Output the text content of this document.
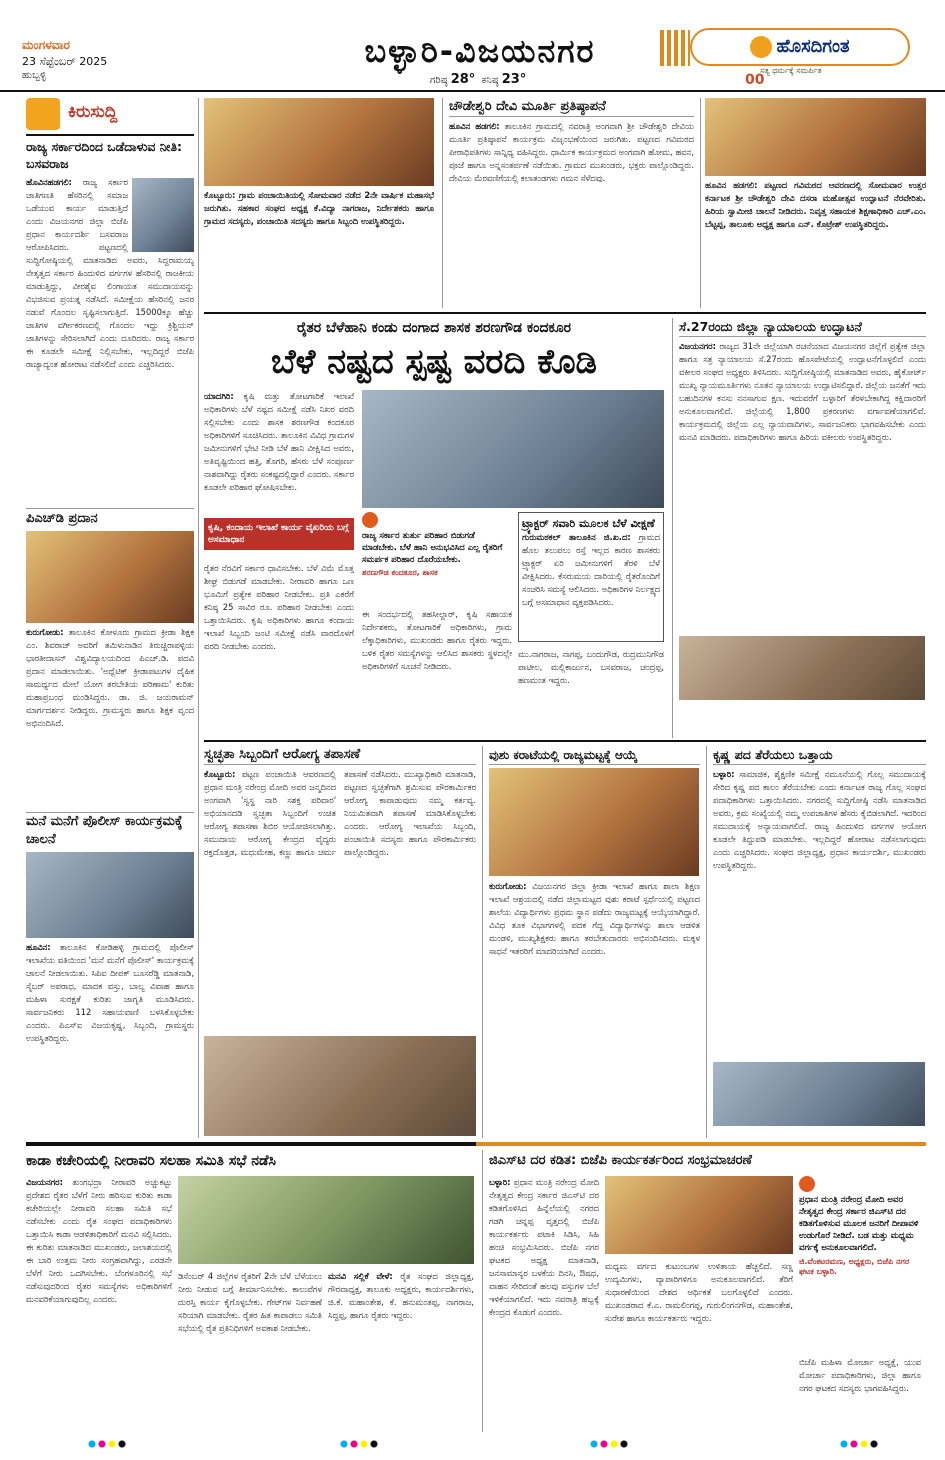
ಮಂಗಳವಾರ
23 ಸೆಪ್ಟೆಂಬರ್ 2025
ಹುಬ್ಬಳ್ಳಿ
ಬಳ್ಳಾರಿ-ವಿಜಯನಗರ
ಗರಿಷ್ಠ 28° ಕನಿಷ್ಠ 23°
ಹೊಸದಿಗಂತ
ಸತ್ಯ ಧರ್ಮಕ್ಕೆ ಸಮರ್ಪಿತ
00
ಕಿರುಸುದ್ದಿ
ರಾಜ್ಯ ಸರ್ಕಾರದಿಂದ ಒಡೆದಾಳುವ ನೀತಿ: ಬಸವರಾಜ
ಹೊವಿನಹಡಗಲಿ: ರಾಜ್ಯ ಸರ್ಕಾರ ಜಾತಿಗಣತಿ ಹೆಸರಿನಲ್ಲಿ ಸಮಾಜ ಒಡೆಯುವ ಕಾರ್ಯ ಮಾಡುತ್ತಿದೆ ಎಂದು ವಿಜಯನಗರ ಜಿಲ್ಲಾ ಬಿಜೆಪಿ ಪ್ರಧಾನ ಕಾರ್ಯದರ್ಶಿ ಬಸವರಾಜ ಆರೋಪಿಸಿದರು. ಪಟ್ಟಣದಲ್ಲಿ ಸುದ್ದಿಗೋಷ್ಠಿಯಲ್ಲಿ ಮಾತನಾಡಿದ ಅವರು, ಸಿದ್ದರಾಮಯ್ಯ ನೇತೃತ್ವದ ಸರ್ಕಾರ ಹಿಂದುಳಿದ ವರ್ಗಗಳ ಹೆಸರಿನಲ್ಲಿ ರಾಜಕೀಯ ಮಾಡುತ್ತಿದ್ದು, ವೀರಶೈವ ಲಿಂಗಾಯತ ಸಮುದಾಯವನ್ನು ವಿಭಜಿಸುವ ಪ್ರಯತ್ನ ನಡೆಸಿದೆ. ಸಮೀಕ್ಷೆಯ ಹೆಸರಿನಲ್ಲಿ ಜನರ ನಡುವೆ ಗೊಂದಲ ಸೃಷ್ಟಿಸಲಾಗುತ್ತಿದೆ. 15000ಕ್ಕೂ ಹೆಚ್ಚು ಜಾತಿಗಳ ವರ್ಗೀಕರಣದಲ್ಲಿ ಗೊಂದಲ ಇದ್ದು ಕ್ರಿಶ್ಚಿಯನ್ ಜಾತಿಗಳನ್ನು ಸೇರಿಸಲಾಗಿದೆ ಎಂದು ದೂರಿದರು. ರಾಜ್ಯ ಸರ್ಕಾರ ಈ ಕೂಡಲೇ ಸಮೀಕ್ಷೆ ನಿಲ್ಲಿಸಬೇಕು, ಇಲ್ಲದಿದ್ದರೆ ಬಿಜೆಪಿ ರಾಜ್ಯಾದ್ಯಂತ ಹೋರಾಟ ನಡೆಸಲಿದೆ ಎಂದು ಎಚ್ಚರಿಸಿದರು.
ಪಿಎಚ್‌ಡಿ ಪ್ರದಾನ
ಕುರುಗೋಡು: ತಾಲೂಕಿನ ಕೋಳೂರು ಗ್ರಾಮದ ಕ್ರೀಡಾ ಶಿಕ್ಷಕ ಎಂ. ಶಿವರಾಜ್ ಅವರಿಗೆ ತಮಿಳುನಾಡಿನ ತಿರುಚ್ಚಿರಾಪಳ್ಳಿಯ ಭಾರತೀದಾಸನ್ ವಿಶ್ವವಿದ್ಯಾಲಯದಿಂದ ಪಿಎಚ್.ಡಿ. ಪದವಿ ಪ್ರದಾನ ಮಾಡಲಾಯಿತು. 'ಅಥ್ಲೆಟಿಕ್ ಕ್ರೀಡಾಪಟುಗಳ ದೈಹಿಕ ಸಾಮರ್ಥ್ಯದ ಮೇಲೆ ಯೋಗ ತರಬೇತಿಯ ಪರಿಣಾಮ' ಕುರಿತು ಮಹಾಪ್ರಬಂಧ ಮಂಡಿಸಿದ್ದರು. ಡಾ. ಜಿ. ಜಯರಾಮನ್ ಮಾರ್ಗದರ್ಶನ ನೀಡಿದ್ದರು. ಗ್ರಾಮಸ್ಥರು ಹಾಗೂ ಶಿಕ್ಷಕ ವೃಂದ ಅಭಿನಂದಿಸಿದೆ.
ಮನೆ ಮನೆಗೆ ಪೊಲೀಸ್ ಕಾರ್ಯಕ್ರಮಕ್ಕೆ ಚಾಲನೆ
ಹೂವಿನ: ತಾಲೂಕಿನ ಕೋಡಿಹಳ್ಳಿ ಗ್ರಾಮದಲ್ಲಿ ಪೊಲೀಸ್ ಇಲಾಖೆಯ ವತಿಯಿಂದ 'ಮನೆ ಮನೆಗೆ ಪೊಲೀಸ್' ಕಾರ್ಯಕ್ರಮಕ್ಕೆ ಚಾಲನೆ ನೀಡಲಾಯಿತು. ಸಿಪಿಐ ದೀಪಕ್ ಬೂಸರೆಡ್ಡಿ ಮಾತನಾಡಿ, ಸೈಬರ್ ಅಪರಾಧ, ಮಾದಕ ವಸ್ತು, ಬಾಲ್ಯ ವಿವಾಹ ಹಾಗೂ ಮಹಿಳಾ ಸುರಕ್ಷತೆ ಕುರಿತು ಜಾಗೃತಿ ಮೂಡಿಸಿದರು. ಸಾರ್ವಜನಿಕರು 112 ಸಹಾಯವಾಣಿ ಬಳಸಿಕೊಳ್ಳಬೇಕು ಎಂದರು. ಪಿಎಸ್‌ಐ ವಿಜಯಕೃಷ್ಣ, ಸಿಬ್ಬಂದಿ, ಗ್ರಾಮಸ್ಥರು ಉಪಸ್ಥಿತರಿದ್ದರು.
ಕೊಟ್ಟೂರು: ಗ್ರಾಮ ಪಂಚಾಯಿತಿಯಲ್ಲಿ ಸೋಮವಾರ ನಡೆದ 2ನೇ ವಾರ್ಷಿಕ ಮಹಾಸಭೆ ಜರುಗಿತು. ಸಹಕಾರ ಸಂಘದ ಅಧ್ಯಕ್ಷ ಕೆ.ವಿದ್ಯಾ ನಾಗರಾಜ, ನಿರ್ದೇಶಕರು ಹಾಗೂ ಗ್ರಾಮದ ಸದಸ್ಯರು, ಪಂಚಾಯಿತಿ ಸದಸ್ಯರು ಹಾಗೂ ಸಿಬ್ಬಂದಿ ಉಪಸ್ಥಿತರಿದ್ದರು.
ಚೌಡೇಶ್ವರಿ ದೇವಿ ಮೂರ್ತಿ ಪ್ರತಿಷ್ಠಾಪನೆ
ಹೂವಿನ ಹಡಗಲಿ: ತಾಲೂಕಿನ ಗ್ರಾಮದಲ್ಲಿ ನವರಾತ್ರಿ ಅಂಗವಾಗಿ ಶ್ರೀ ಚೌಡೇಶ್ವರಿ ದೇವಿಯ ಮೂರ್ತಿ ಪ್ರತಿಷ್ಠಾಪನೆ ಕಾರ್ಯಕ್ರಮ ವಿಜೃಂಭಣೆಯಿಂದ ಜರುಗಿತು. ಪಟ್ಟಣದ ಗವಿಮಠದ ಪೀಠಾಧಿಪತಿಗಳು ಸಾನ್ನಿಧ್ಯ ವಹಿಸಿದ್ದರು. ಧಾರ್ಮಿಕ ಕಾರ್ಯಕ್ರಮದ ಅಂಗವಾಗಿ ಹೋಮ, ಹವನ, ಪೂಜೆ ಹಾಗೂ ಅನ್ನಸಂತರ್ಪಣೆ ನಡೆಯಿತು. ಗ್ರಾಮದ ಮುಖಂಡರು, ಭಕ್ತರು ಪಾಲ್ಗೊಂಡಿದ್ದರು. ದೇವಿಯ ಮೆರವಣಿಗೆಯಲ್ಲಿ ಕಲಾತಂಡಗಳು ಗಮನ ಸೆಳೆದವು.
ಹೂವಿನ ಹಡಗಲಿ: ಪಟ್ಟಣದ ಗವಿಮಠದ ಆವರಣದಲ್ಲಿ ಸೋಮವಾರ ಉತ್ತರ ಕರ್ನಾಟಕ ಶ್ರೀ ಚೌಡೇಶ್ವರಿ ದೇವಿ ದಸರಾ ಮಹೋತ್ಸವ ಉದ್ಘಾಟನೆ ನೆರವೇರಿತು. ಹಿರಿಯ ಸ್ವಾಮೀಜಿ ಚಾಲನೆ ನೀಡಿದರು. ನಿವೃತ್ತ ಸಹಾಯಕ ಶಿಕ್ಷಣಾಧಿಕಾರಿ ಎಚ್.ಎಂ. ಬೆಟ್ಟಪ್ಪ, ತಾಲೂಕು ಅಧ್ಯಕ್ಷ ಹಾಗೂ ಎನ್. ಕೊಟ್ರೇಶ್ ಉಪಸ್ಥಿತರಿದ್ದರು.
ರೈತರ ಬೆಳೆಹಾನಿ ಕಂಡು ದಂಗಾದ ಶಾಸಕ ಶರಣಗೌಡ ಕಂದಕೂರ
ಬೆಳೆ ನಷ್ಟದ ಸ್ಪಷ್ಟ ವರದಿ ಕೊಡಿ
ಯಾದಗಿರಿ: ಕೃಷಿ ಮತ್ತು ತೋಟಗಾರಿಕೆ ಇಲಾಖೆ ಅಧಿಕಾರಿಗಳು ಬೆಳೆ ನಷ್ಟದ ಸಮೀಕ್ಷೆ ನಡೆಸಿ ನಿಖರ ವರದಿ ಸಲ್ಲಿಸಬೇಕು ಎಂದು ಶಾಸಕ ಶರಣಗೌಡ ಕಂದಕೂರ ಅಧಿಕಾರಿಗಳಿಗೆ ಸೂಚಿಸಿದರು. ತಾಲೂಕಿನ ವಿವಿಧ ಗ್ರಾಮಗಳ ಜಮೀನುಗಳಿಗೆ ಭೇಟಿ ನೀಡಿ ಬೆಳೆ ಹಾನಿ ವೀಕ್ಷಿಸಿದ ಅವರು, ಅತಿವೃಷ್ಟಿಯಿಂದ ಹತ್ತಿ, ತೊಗರಿ, ಹೆಸರು ಬೆಳೆ ಸಂಪೂರ್ಣ ನಾಶವಾಗಿದ್ದು ರೈತರು ಸಂಕಷ್ಟದಲ್ಲಿದ್ದಾರೆ ಎಂದರು. ಸರ್ಕಾರ ಕೂಡಲೇ ಪರಿಹಾರ ಘೋಷಿಸಬೇಕು.
ಕೃಷಿ, ಕಂದಾಯ ಇಲಾಖೆ ಕಾರ್ಯ ವೈಖರಿಯ ಬಗ್ಗೆ ಅಸಮಾಧಾನ	ರಾಜ್ಯ ಸರ್ಕಾರ ತುರ್ತು ಪರಿಹಾರ ಬಿಡುಗಡೆ ಮಾಡಬೇಕು. ಬೆಳೆ ಹಾನಿ ಅನುಭವಿಸಿದ ಎಲ್ಲ ರೈತರಿಗೆ ಸಮರ್ಪಕ ಪರಿಹಾರ ದೊರೆಯಬೇಕು.
ಶರಣಗೌಡ ಕಂದಕೂರ, ಶಾಸಕ
ಟ್ರ್ಯಾಕ್ಟರ್ ಸವಾರಿ ಮೂಲಕ ಬೆಳೆ ವೀಕ್ಷಣೆ
ಗುರುಮಠಕಲ್ ತಾಲೂಕಿನ ಜಿ.ಖ.ದ: ಗ್ರಾಮದ ಹೊಲ ತಲುಪಲು ರಸ್ತೆ ಇಲ್ಲದ ಕಾರಣ ಶಾಸಕರು ಟ್ರ್ಯಾಕ್ಟರ್ ಏರಿ ಜಮೀನುಗಳಿಗೆ ತೆರಳಿ ಬೆಳೆ ವೀಕ್ಷಿಸಿದರು. ಕೆಸರುಮಯ ದಾರಿಯಲ್ಲಿ ರೈತರೊಂದಿಗೆ ಸಂಚರಿಸಿ ಸಮಸ್ಯೆ ಆಲಿಸಿದರು. ಅಧಿಕಾರಿಗಳ ನಿರ್ಲಕ್ಷ್ಯದ ಬಗ್ಗೆ ಅಸಮಾಧಾನ ವ್ಯಕ್ತಪಡಿಸಿದರು.
ರೈತರ ನೆರವಿಗೆ ಸರ್ಕಾರ ಧಾವಿಸಬೇಕು. ಬೆಳೆ ವಿಮೆ ಮೊತ್ತ ಶೀಘ್ರ ಬಿಡುಗಡೆ ಮಾಡಬೇಕು. ನೀರಾವರಿ ಹಾಗೂ ಒಣ ಭೂಮಿಗೆ ಪ್ರತ್ಯೇಕ ಪರಿಹಾರ ನೀಡಬೇಕು. ಪ್ರತಿ ಎಕರೆಗೆ ಕನಿಷ್ಠ 25 ಸಾವಿರ ರೂ. ಪರಿಹಾರ ನೀಡಬೇಕು ಎಂದು ಒತ್ತಾಯಿಸಿದರು. ಕೃಷಿ ಅಧಿಕಾರಿಗಳು ಹಾಗೂ ಕಂದಾಯ ಇಲಾಖೆ ಸಿಬ್ಬಂದಿ ಜಂಟಿ ಸಮೀಕ್ಷೆ ನಡೆಸಿ ವಾರದೊಳಗೆ ವರದಿ ನೀಡಬೇಕು ಎಂದರು.
ಈ ಸಂದರ್ಭದಲ್ಲಿ ತಹಸೀಲ್ದಾರ್, ಕೃಷಿ ಸಹಾಯಕ ನಿರ್ದೇಶಕರು, ತೋಟಗಾರಿಕೆ ಅಧಿಕಾರಿಗಳು, ಗ್ರಾಮ ಲೆಕ್ಕಾಧಿಕಾರಿಗಳು, ಮುಖಂಡರು ಹಾಗೂ ರೈತರು ಇದ್ದರು. ಬಳಿಕ ರೈತರ ಸಮಸ್ಯೆಗಳನ್ನು ಆಲಿಸಿದ ಶಾಸಕರು ಸ್ಥಳದಲ್ಲೇ ಅಧಿಕಾರಿಗಳಿಗೆ ಸೂಚನೆ ನೀಡಿದರು.
ಮು.ನಾಗರಾಜ, ನಾಗಪ್ಪ, ಬಂದುಗೌಡ, ರುದ್ರಮುನಿಗೌಡ ಪಾಟೀಲ, ಮಲ್ಲಿಕಾರ್ಜುನ, ಬಸವರಾಜ, ಚಂದ್ರಪ್ಪ, ಹಣಮಂತ ಇದ್ದರು.
ಸೆ.27ರಂದು ಜಿಲ್ಲಾ ನ್ಯಾಯಾಲಯ ಉದ್ಘಾಟನೆ
ವಿಜಯನಗರ: ರಾಜ್ಯದ 31ನೇ ಜಿಲ್ಲೆಯಾಗಿ ರಚನೆಯಾದ ವಿಜಯನಗರ ಜಿಲ್ಲೆಗೆ ಪ್ರತ್ಯೇಕ ಜಿಲ್ಲಾ ಹಾಗೂ ಸತ್ರ ನ್ಯಾಯಾಲಯ ಸೆ.27ರಂದು ಹೊಸಪೇಟೆಯಲ್ಲಿ ಉದ್ಘಾಟನೆಗೊಳ್ಳಲಿದೆ ಎಂದು ವಕೀಲರ ಸಂಘದ ಅಧ್ಯಕ್ಷರು ತಿಳಿಸಿದರು. ಸುದ್ದಿಗೋಷ್ಠಿಯಲ್ಲಿ ಮಾತನಾಡಿದ ಅವರು, ಹೈಕೋರ್ಟ್ ಮುಖ್ಯ ನ್ಯಾಯಮೂರ್ತಿಗಳು ನೂತನ ನ್ಯಾಯಾಲಯ ಉದ್ಘಾಟಿಸಲಿದ್ದಾರೆ. ಜಿಲ್ಲೆಯ ಜನತೆಗೆ ಇದು ಬಹುದಿನಗಳ ಕನಸು ನನಸಾಗುವ ಕ್ಷಣ. ಇದುವರೆಗೆ ಬಳ್ಳಾರಿಗೆ ತೆರಳಬೇಕಾಗಿದ್ದ ಕಕ್ಷಿದಾರರಿಗೆ ಅನುಕೂಲವಾಗಲಿದೆ. ಜಿಲ್ಲೆಯಲ್ಲಿ 1,800 ಪ್ರಕರಣಗಳು ವರ್ಗಾವಣೆಯಾಗಲಿವೆ. ಕಾರ್ಯಕ್ರಮದಲ್ಲಿ ಜಿಲ್ಲೆಯ ಎಲ್ಲ ನ್ಯಾಯವಾದಿಗಳು, ಸಾರ್ವಜನಿಕರು ಭಾಗವಹಿಸಬೇಕು ಎಂದು ಮನವಿ ಮಾಡಿದರು. ಪದಾಧಿಕಾರಿಗಳು ಹಾಗೂ ಹಿರಿಯ ವಕೀಲರು ಉಪಸ್ಥಿತರಿದ್ದರು.
ಸ್ವಚ್ಛತಾ ಸಿಬ್ಬಂದಿಗೆ ಆರೋಗ್ಯ ತಪಾಸಣೆ
ಕೊಟ್ಟೂರು: ಪಟ್ಟಣ ಪಂಚಾಯಿತಿ ಆವರಣದಲ್ಲಿ ಪ್ರಧಾನ ಮಂತ್ರಿ ನರೇಂದ್ರ ಮೋದಿ ಅವರ ಜನ್ಮದಿನದ ಅಂಗವಾಗಿ 'ಸ್ವಸ್ಥ ನಾರಿ ಸಶಕ್ತ ಪರಿವಾರ' ಅಭಿಯಾನದಡಿ ಸ್ವಚ್ಛತಾ ಸಿಬ್ಬಂದಿಗೆ ಉಚಿತ ಆರೋಗ್ಯ ತಪಾಸಣಾ ಶಿಬಿರ ಆಯೋಜಿಸಲಾಗಿತ್ತು. ಸಮುದಾಯ ಆರೋಗ್ಯ ಕೇಂದ್ರದ ವೈದ್ಯರು ರಕ್ತದೊತ್ತಡ, ಮಧುಮೇಹ, ಕಣ್ಣು ಹಾಗೂ ಚರ್ಮ ತಪಾಸಣೆ ನಡೆಸಿದರು. ಮುಖ್ಯಾಧಿಕಾರಿ ಮಾತನಾಡಿ, ಪಟ್ಟಣದ ಸ್ವಚ್ಛತೆಗಾಗಿ ಶ್ರಮಿಸುವ ಪೌರಕಾರ್ಮಿಕರ ಆರೋಗ್ಯ ಕಾಪಾಡುವುದು ನಮ್ಮ ಕರ್ತವ್ಯ. ನಿಯಮಿತವಾಗಿ ತಪಾಸಣೆ ಮಾಡಿಸಿಕೊಳ್ಳಬೇಕು ಎಂದರು. ಆರೋಗ್ಯ ಇಲಾಖೆಯ ಸಿಬ್ಬಂದಿ, ಪಂಚಾಯಿತಿ ಸದಸ್ಯರು ಹಾಗೂ ಪೌರಕಾರ್ಮಿಕರು ಪಾಲ್ಗೊಂಡಿದ್ದರು.
ವುಶು ಕರಾಟೆಯಲ್ಲಿ ರಾಜ್ಯಮಟ್ಟಕ್ಕೆ ಆಯ್ಕೆ
ಕುರುಗೋಡು: ವಿಜಯನಗರ ಜಿಲ್ಲಾ ಕ್ರೀಡಾ ಇಲಾಖೆ ಹಾಗೂ ಶಾಲಾ ಶಿಕ್ಷಣ ಇಲಾಖೆ ಆಶ್ರಯದಲ್ಲಿ ನಡೆದ ಜಿಲ್ಲಾಮಟ್ಟದ ವುಶು ಕರಾಟೆ ಸ್ಪರ್ಧೆಯಲ್ಲಿ ಪಟ್ಟಣದ ಶಾಲೆಯ ವಿದ್ಯಾರ್ಥಿಗಳು ಪ್ರಥಮ ಸ್ಥಾನ ಪಡೆದು ರಾಜ್ಯಮಟ್ಟಕ್ಕೆ ಆಯ್ಕೆಯಾಗಿದ್ದಾರೆ. ವಿವಿಧ ತೂಕ ವಿಭಾಗಗಳಲ್ಲಿ ಪದಕ ಗೆದ್ದ ವಿದ್ಯಾರ್ಥಿಗಳನ್ನು ಶಾಲಾ ಆಡಳಿತ ಮಂಡಳಿ, ಮುಖ್ಯಶಿಕ್ಷಕರು ಹಾಗೂ ತರಬೇತುದಾರರು ಅಭಿನಂದಿಸಿದರು. ಮಕ್ಕಳ ಸಾಧನೆ ಇತರರಿಗೆ ಮಾದರಿಯಾಗಿದೆ ಎಂದರು.
ಕೃಷ್ಣ ಪದ ತೆರೆಯಲು ಒತ್ತಾಯ
ಬಳ್ಳಾರಿ: ಸಾಮಾಜಿಕ, ಶೈಕ್ಷಣಿಕ ಸಮೀಕ್ಷೆ ನಮೂನೆಯಲ್ಲಿ ಗೊಲ್ಲ ಸಮುದಾಯಕ್ಕೆ ಸೇರಿದ ಕೃಷ್ಣ ಪದ ಕಾಲಂ ತೆರೆಯಬೇಕು ಎಂದು ಕರ್ನಾಟಕ ರಾಜ್ಯ ಗೊಲ್ಲ ಸಂಘದ ಪದಾಧಿಕಾರಿಗಳು ಒತ್ತಾಯಿಸಿದರು. ನಗರದಲ್ಲಿ ಸುದ್ದಿಗೋಷ್ಠಿ ನಡೆಸಿ ಮಾತನಾಡಿದ ಅವರು, ಕ್ರಮ ಸಂಖ್ಯೆಯಲ್ಲಿ ನಮ್ಮ ಉಪಜಾತಿಗಳ ಹೆಸರು ಕೈಬಿಡಲಾಗಿದೆ. ಇದರಿಂದ ಸಮುದಾಯಕ್ಕೆ ಅನ್ಯಾಯವಾಗಲಿದೆ. ರಾಜ್ಯ ಹಿಂದುಳಿದ ವರ್ಗಗಳ ಆಯೋಗ ಕೂಡಲೇ ತಿದ್ದುಪಡಿ ಮಾಡಬೇಕು. ಇಲ್ಲದಿದ್ದರೆ ಹೋರಾಟ ನಡೆಸಲಾಗುವುದು ಎಂದು ಎಚ್ಚರಿಸಿದರು. ಸಂಘದ ಜಿಲ್ಲಾಧ್ಯಕ್ಷ, ಪ್ರಧಾನ ಕಾರ್ಯದರ್ಶಿ, ಮುಖಂಡರು ಉಪಸ್ಥಿತರಿದ್ದರು.
ಕಾಡಾ ಕಚೇರಿಯಲ್ಲಿ ನೀರಾವರಿ ಸಲಹಾ ಸಮಿತಿ ಸಭೆ ನಡೆಸಿ
ವಿಜಯನಗರ: ತುಂಗಭದ್ರಾ ನೀರಾವರಿ ಅಚ್ಚುಕಟ್ಟು ಪ್ರದೇಶದ ರೈತರ ಬೆಳೆಗೆ ನೀರು ಹರಿಸುವ ಕುರಿತು ಕಾಡಾ ಕಚೇರಿಯಲ್ಲೇ ನೀರಾವರಿ ಸಲಹಾ ಸಮಿತಿ ಸಭೆ ನಡೆಸಬೇಕು ಎಂದು ರೈತ ಸಂಘದ ಪದಾಧಿಕಾರಿಗಳು ಒತ್ತಾಯಿಸಿ ಕಾಡಾ ಆಡಳಿತಾಧಿಕಾರಿಗೆ ಮನವಿ ಸಲ್ಲಿಸಿದರು. ಈ ಕುರಿತು ಮಾತನಾಡಿದ ಮುಖಂಡರು, ಜಲಾಶಯದಲ್ಲಿ ಈ ಬಾರಿ ಉತ್ತಮ ನೀರು ಸಂಗ್ರಹವಾಗಿದ್ದು, ಎರಡನೇ ಬೆಳೆಗೆ ನೀರು ಒದಗಿಸಬೇಕು. ಬೆಂಗಳೂರಿನಲ್ಲಿ ಸಭೆ ನಡೆಸುವುದರಿಂದ ರೈತರ ಸಮಸ್ಯೆಗಳು ಅಧಿಕಾರಿಗಳಿಗೆ ಮನವರಿಕೆಯಾಗುವುದಿಲ್ಲ ಎಂದರು.
ಡಿಸೆಂಬರ್ 4 ಜಿಲ್ಲೆಗಳ ರೈತರಿಗೆ 2ನೇ ಬೆಳೆ ಬೆಳೆಯಲು ನೀರು ನೀಡುವ ಬಗ್ಗೆ ತೀರ್ಮಾನಿಸಬೇಕು. ಕಾಲುವೆಗಳ ದುರಸ್ತಿ ಕಾರ್ಯ ಕೈಗೊಳ್ಳಬೇಕು. ಗೇಟ್‌ಗಳ ನಿರ್ವಹಣೆ ಸರಿಯಾಗಿ ಮಾಡಬೇಕು. ರೈತರ ಹಿತ ಕಾಪಾಡಲು ಸಮಿತಿ ಸಭೆಯಲ್ಲಿ ರೈತ ಪ್ರತಿನಿಧಿಗಳಿಗೆ ಅವಕಾಶ ನೀಡಬೇಕು.
ಮನವಿ ಸಲ್ಲಿಕೆ ವೇಳೆ: ರೈತ ಸಂಘದ ಜಿಲ್ಲಾಧ್ಯಕ್ಷ, ಗೌರವಾಧ್ಯಕ್ಷ, ತಾಲೂಕು ಅಧ್ಯಕ್ಷರು, ಕಾರ್ಯದರ್ಶಿಗಳು, ಜಿ.ಕೆ. ಮಹಾಂತೇಶ, ಕೆ. ಹನುಮಂತಪ್ಪ, ನಾಗರಾಜ, ಸಿದ್ದಪ್ಪ, ಹಾಗೂ ರೈತರು ಇದ್ದರು.
ಜಿಎಸ್‌ಟಿ ದರ ಕಡಿತ: ಬಿಜೆಪಿ ಕಾರ್ಯಕರ್ತರಿಂದ ಸಂಭ್ರಮಾಚರಣೆ
ಬಳ್ಳಾರಿ: ಪ್ರಧಾನ ಮಂತ್ರಿ ನರೇಂದ್ರ ಮೋದಿ ನೇತೃತ್ವದ ಕೇಂದ್ರ ಸರ್ಕಾರ ಜಿಎಸ್‌ಟಿ ದರ ಕಡಿತಗೊಳಿಸಿದ ಹಿನ್ನೆಲೆಯಲ್ಲಿ ನಗರದ ಗಡಗಿ ಚನ್ನಪ್ಪ ವೃತ್ತದಲ್ಲಿ ಬಿಜೆಪಿ ಕಾರ್ಯಕರ್ತರು ಪಟಾಕಿ ಸಿಡಿಸಿ, ಸಿಹಿ ಹಂಚಿ ಸಂಭ್ರಮಿಸಿದರು. ಬಿಜೆಪಿ ನಗರ ಘಟಕದ ಅಧ್ಯಕ್ಷ ಮಾತನಾಡಿ, ಜನಸಾಮಾನ್ಯರ ಬಳಕೆಯ ದಿನಸಿ, ಔಷಧ, ವಾಹನ ಸೇರಿದಂತೆ ಹಲವು ವಸ್ತುಗಳ ಬೆಲೆ ಇಳಿಕೆಯಾಗಲಿದೆ. ಇದು ನವರಾತ್ರಿ ಹಬ್ಬಕ್ಕೆ ಕೇಂದ್ರದ ಕೊಡುಗೆ ಎಂದರು.
ಮಧ್ಯಮ ವರ್ಗದ ಕುಟುಂಬಗಳ ಉಳಿತಾಯ ಹೆಚ್ಚಲಿದೆ. ಸಣ್ಣ ಉದ್ಯಮಿಗಳು, ವ್ಯಾಪಾರಿಗಳಿಗೂ ಅನುಕೂಲವಾಗಲಿದೆ. ತೆರಿಗೆ ಸುಧಾರಣೆಯಿಂದ ದೇಶದ ಆರ್ಥಿಕತೆ ಬಲಗೊಳ್ಳಲಿದೆ ಎಂದರು. ಮುಖಂಡರಾದ ಕೆ.ಎ. ರಾಮಲಿಂಗಪ್ಪ, ಗುರುಲಿಂಗನಗೌಡ, ಮಹಾಂತೇಶ, ಸುರೇಶ ಹಾಗೂ ಕಾರ್ಯಕರ್ತರು ಇದ್ದರು.
ಪ್ರಧಾನ ಮಂತ್ರಿ ನರೇಂದ್ರ ಮೋದಿ ಅವರ ನೇತೃತ್ವದ ಕೇಂದ್ರ ಸರ್ಕಾರ ಜಿಎಸ್‌ಟಿ ದರ ಕಡಿತಗೊಳಿಸುವ ಮೂಲಕ ಜನರಿಗೆ ದೀಪಾವಳಿ ಉಡುಗೊರೆ ನೀಡಿದೆ. ಬಡ ಮತ್ತು ಮಧ್ಯಮ ವರ್ಗಕ್ಕೆ ಅನುಕೂಲವಾಗಲಿದೆ.
ಜಿ.ವೆಂಕಟರಮಣ, ಅಧ್ಯಕ್ಷರು, ಬಿಜೆಪಿ ನಗರ ಘಟಕ ಬಳ್ಳಾರಿ.
ಬಿಜೆಪಿ ಮಹಿಳಾ ಮೋರ್ಚಾ ಅಧ್ಯಕ್ಷೆ, ಯುವ ಮೋರ್ಚಾ ಪದಾಧಿಕಾರಿಗಳು, ಜಿಲ್ಲಾ ಹಾಗೂ ನಗರ ಘಟಕದ ಸದಸ್ಯರು ಭಾಗವಹಿಸಿದ್ದರು.
